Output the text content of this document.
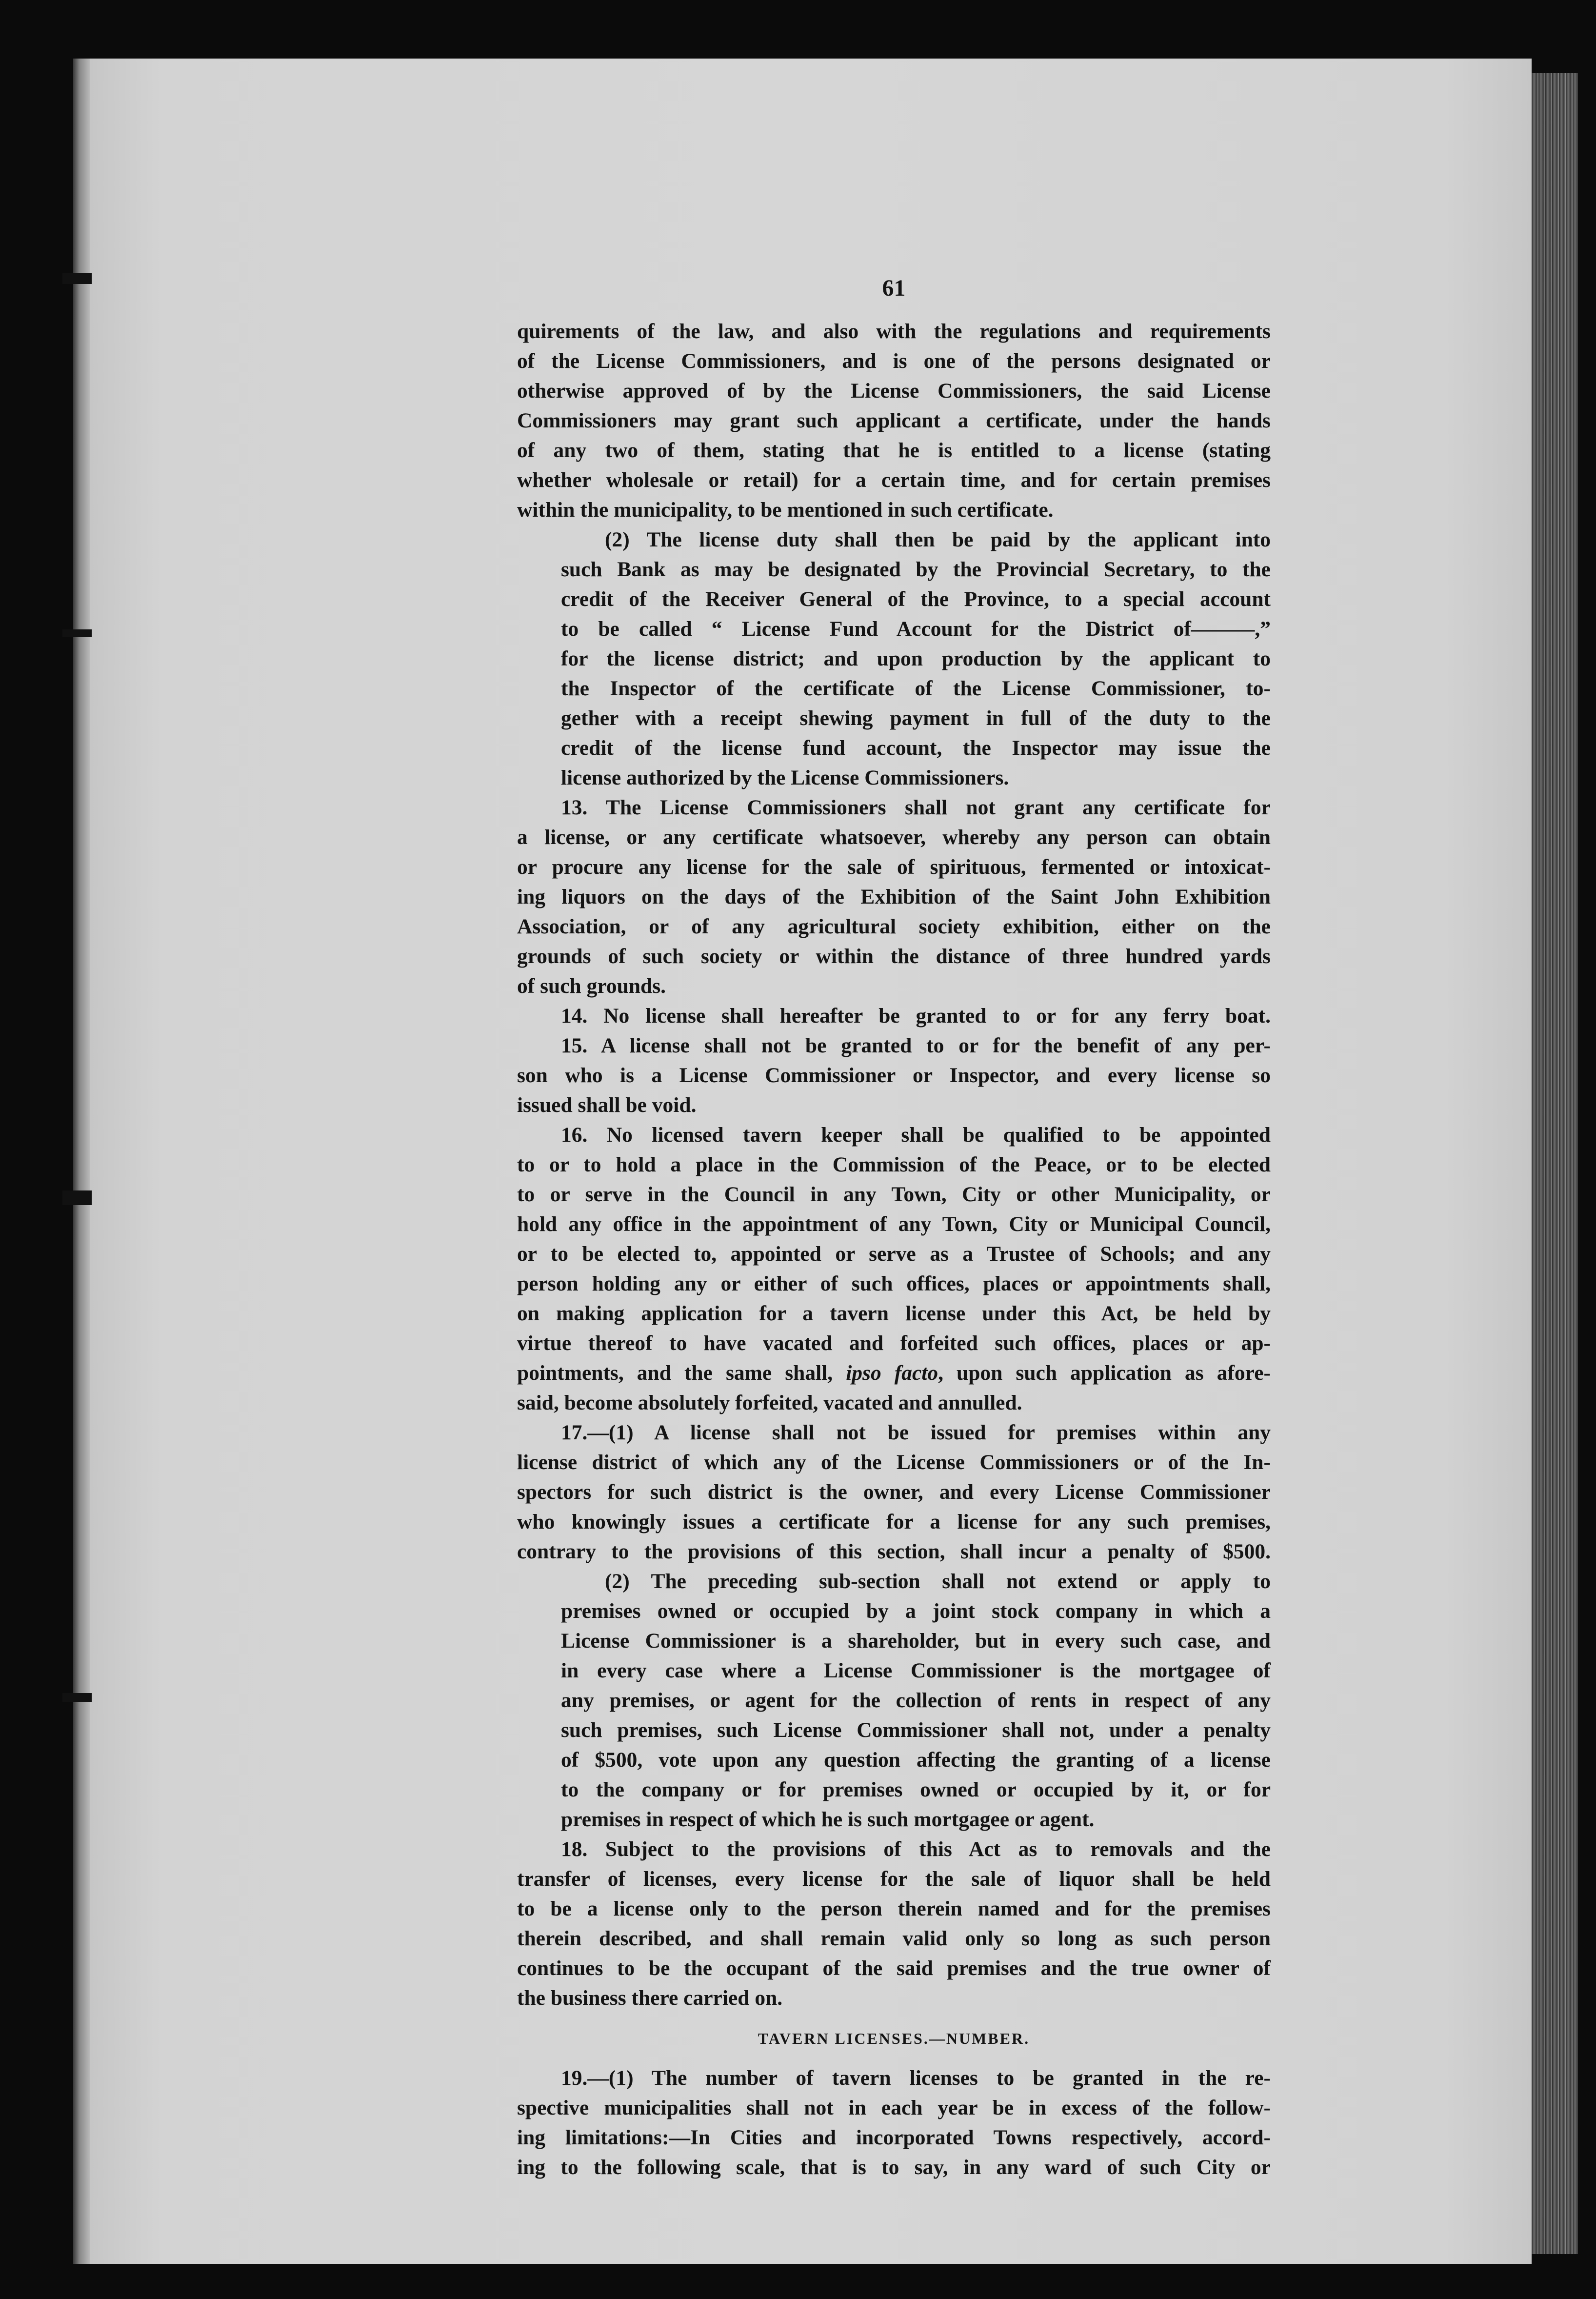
61
quirements of the law, and also with the regulations and requirements
of the License Commissioners, and is one of the persons designated or
otherwise approved of by the License Commissioners, the said License
Commissioners may grant such applicant a certificate, under the hands
of any two of them, stating that he is entitled to a license (stating
whether wholesale or retail) for a certain time, and for certain premises
within the municipality, to be mentioned in such certificate.
(2) The license duty shall then be paid by the applicant into
such Bank as may be designated by the Provincial Secretary, to the
credit of the Receiver General of the Province, to a special account
to be called “ License Fund Account for the District of———,”
for the license district; and upon production by the applicant to
the Inspector of the certificate of the License Commissioner, to-
gether with a receipt shewing payment in full of the duty to the
credit of the license fund account, the Inspector may issue the
license authorized by the License Commissioners.
13. The License Commissioners shall not grant any certificate for
a license, or any certificate whatsoever, whereby any person can obtain
or procure any license for the sale of spirituous, fermented or intoxicat-
ing liquors on the days of the Exhibition of the Saint John Exhibition
Association, or of any agricultural society exhibition, either on the
grounds of such society or within the distance of three hundred yards
of such grounds.
14. No license shall hereafter be granted to or for any ferry boat.
15. A license shall not be granted to or for the benefit of any per-
son who is a License Commissioner or Inspector, and every license so
issued shall be void.
16. No licensed tavern keeper shall be qualified to be appointed
to or to hold a place in the Commission of the Peace, or to be elected
to or serve in the Council in any Town, City or other Municipality, or
hold any office in the appointment of any Town, City or Municipal Council,
or to be elected to, appointed or serve as a Trustee of Schools; and any
person holding any or either of such offices, places or appointments shall,
on making application for a tavern license under this Act, be held by
virtue thereof to have vacated and forfeited such offices, places or ap-
pointments, and the same shall, ipso facto, upon such application as afore-
said, become absolutely forfeited, vacated and annulled.
17.—(1) A license shall not be issued for premises within any
license district of which any of the License Commissioners or of the In-
spectors for such district is the owner, and every License Commissioner
who knowingly issues a certificate for a license for any such premises,
contrary to the provisions of this section, shall incur a penalty of $500.
(2) The preceding sub-section shall not extend or apply to
premises owned or occupied by a joint stock company in which a
License Commissioner is a shareholder, but in every such case, and
in every case where a License Commissioner is the mortgagee of
any premises, or agent for the collection of rents in respect of any
such premises, such License Commissioner shall not, under a penalty
of $500, vote upon any question affecting the granting of a license
to the company or for premises owned or occupied by it, or for
premises in respect of which he is such mortgagee or agent.
18. Subject to the provisions of this Act as to removals and the
transfer of licenses, every license for the sale of liquor shall be held
to be a license only to the person therein named and for the premises
therein described, and shall remain valid only so long as such person
continues to be the occupant of the said premises and the true owner of
the business there carried on.
TAVERN LICENSES.—NUMBER.
19.—(1) The number of tavern licenses to be granted in the re-
spective municipalities shall not in each year be in excess of the follow-
ing limitations:—In Cities and incorporated Towns respectively, accord-
ing to the following scale, that is to say, in any ward of such City or
